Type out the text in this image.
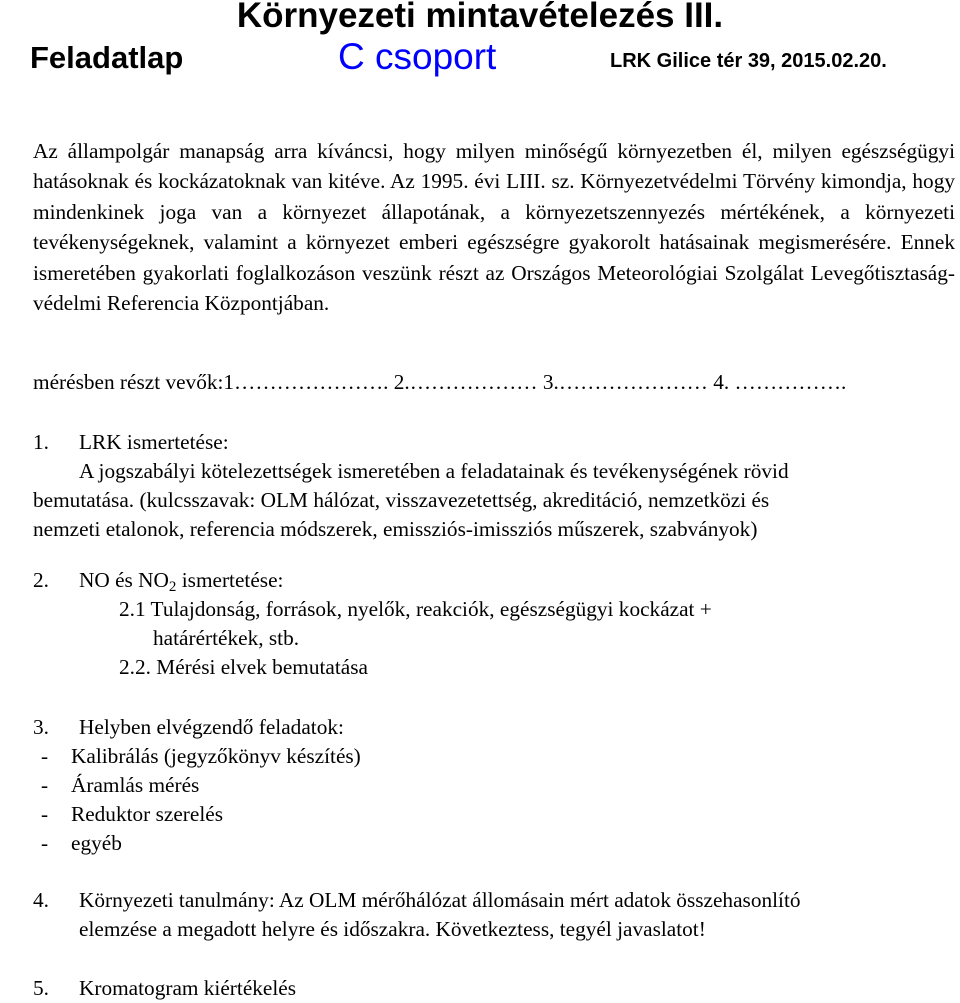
Környezeti mintavételezés III.
Feladatlap	C csoport	LRK Gilice tér 39, 2015.02.20.
Az állampolgár manapság arra kíváncsi, hogy milyen minőségű környezetben él, milyen egészségügyi hatásoknak és kockázatoknak van kitéve. Az 1995. évi LIII. sz. Környezetvédelmi Törvény kimondja, hogy mindenkinek joga van a környezet állapotának, a környezetszennyezés mértékének, a környezeti tevékenységeknek, valamint a környezet emberi egészségre gyakorolt hatásainak megismerésére. Ennek ismeretében gyakorlati foglalkozáson veszünk részt az Országos Meteorológiai Szolgálat Levegőtisztaság-védelmi Referencia Központjában.
mérésben részt vevők:1…………………. 2.……………… 3.………………… 4. …………….
1. LRK ismertetése:
A jogszabályi kötelezettségek ismeretében a feladatainak és tevékenységének rövid
bemutatása. (kulcsszavak: OLM hálózat, visszavezetettség, akreditáció, nemzetközi és
nemzeti etalonok, referencia módszerek, emissziós-imissziós műszerek, szabványok)
2. NO és $NO_2$ ismertetése:
2.1 Tulajdonság, források, nyelők, reakciók, egészségügyi kockázat +
határértékek, stb.
2.2. Mérési elvek bemutatása
3. Helyben elvégzendő feladatok:
- Kalibrálás (jegyzőkönyv készítés)
- Áramlás mérés
- Reduktor szerelés
- egyéb
4. Környezeti tanulmány: Az OLM mérőhálózat állomásain mért adatok összehasonlító
elemzése a megadott helyre és időszakra. Következtess, tegyél javaslatot!
5. Kromatogram kiértékelés
